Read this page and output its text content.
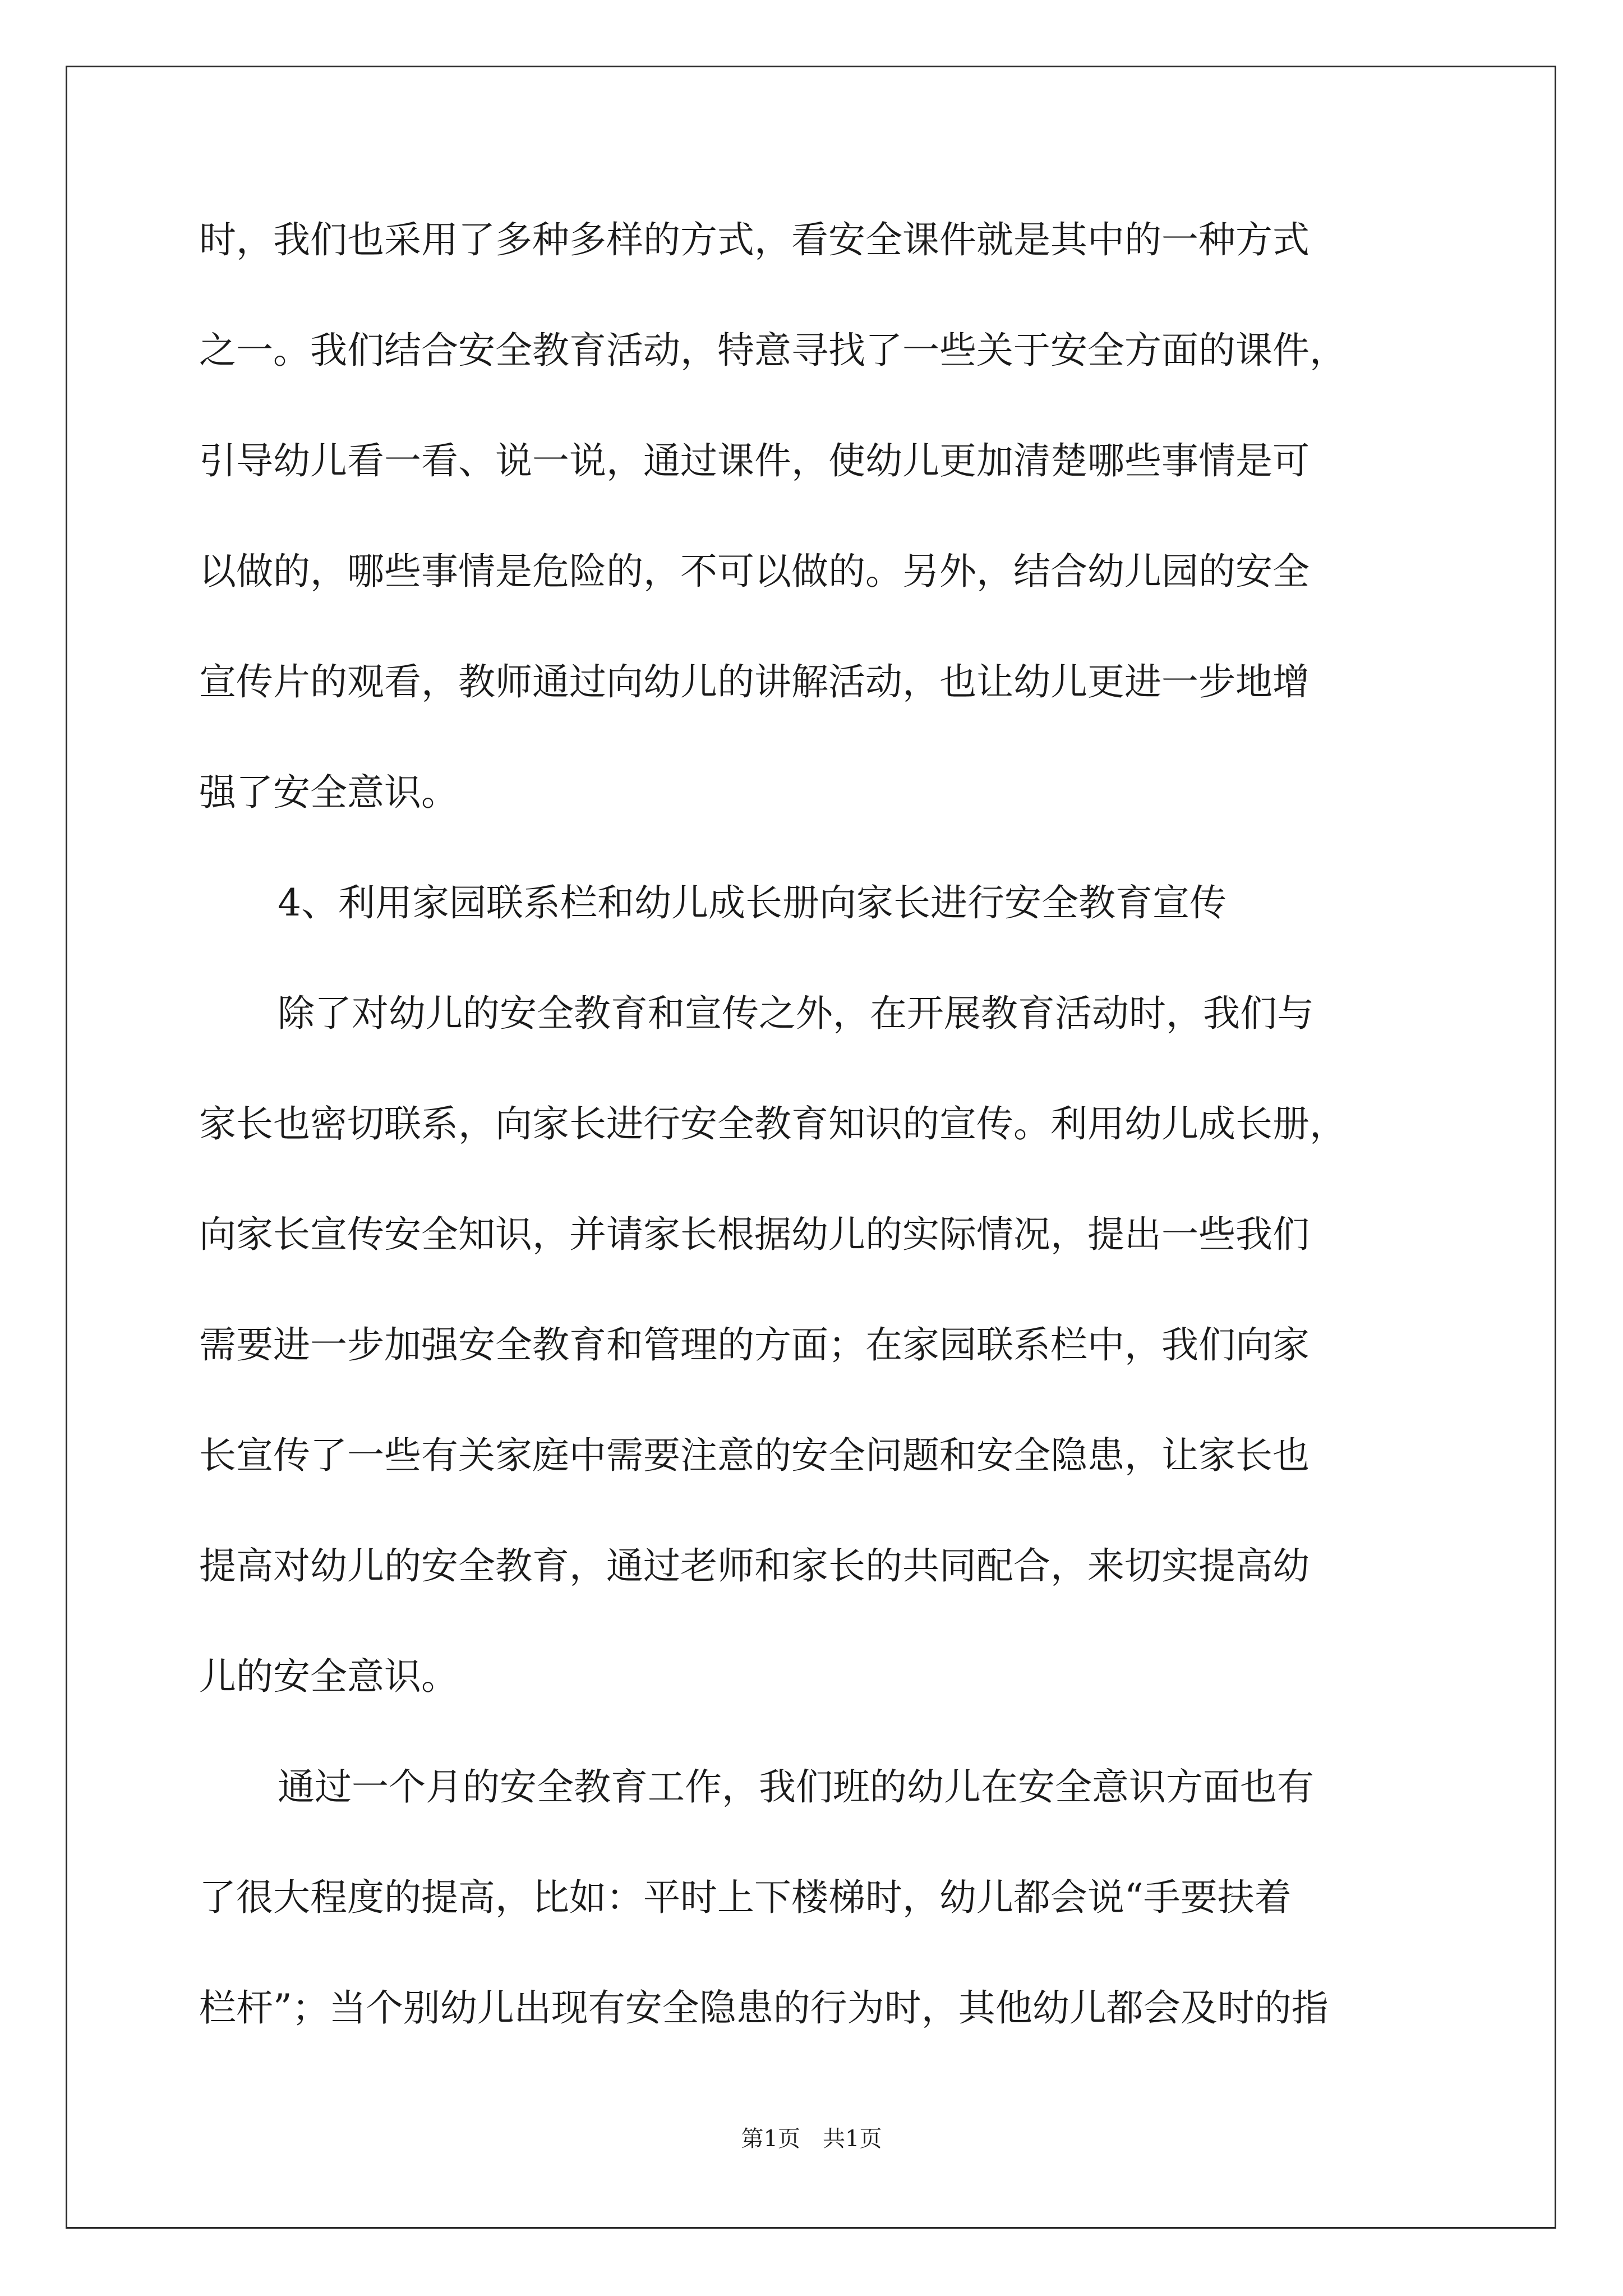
时，我们也采用了多种多样的方式，看安全课件就是其中的一种方式
之一。我们结合安全教育活动，特意寻找了一些关于安全方面的课件，
引导幼儿看一看、说一说，通过课件，使幼儿更加清楚哪些事情是可
以做的，哪些事情是危险的，不可以做的。另外，结合幼儿园的安全
宣传片的观看，教师通过向幼儿的讲解活动，也让幼儿更进一步地增
强了安全意识。
4、利用家园联系栏和幼儿成长册向家长进行安全教育宣传
除了对幼儿的安全教育和宣传之外，在开展教育活动时，我们与
家长也密切联系，向家长进行安全教育知识的宣传。利用幼儿成长册，
向家长宣传安全知识，并请家长根据幼儿的实际情况，提出一些我们
需要进一步加强安全教育和管理的方面；在家园联系栏中，我们向家
长宣传了一些有关家庭中需要注意的安全问题和安全隐患，让家长也
提高对幼儿的安全教育，通过老师和家长的共同配合，来切实提高幼
儿的安全意识。
通过一个月的安全教育工作，我们班的幼儿在安全意识方面也有
了很大程度的提高，比如：平时上下楼梯时，幼儿都会说“手要扶着
栏杆”；当个别幼儿出现有安全隐患的行为时，其他幼儿都会及时的指
第1页 共1页
